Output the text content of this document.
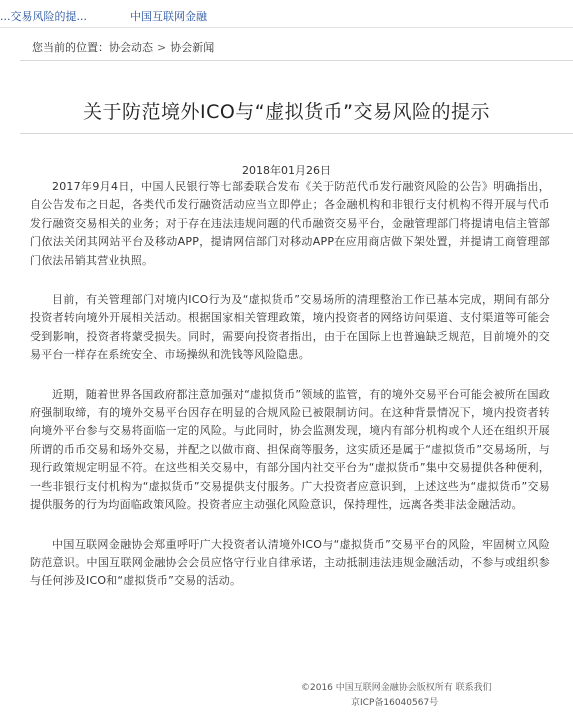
...交易风险的提...	中国互联网金融
您当前的位置：协会动态 > 协会新闻
关于防范境外ICO与“虚拟货币”交易风险的提示
2018年01月26日

2017年9月4日，中国人民银行等七部委联合发布《关于防范代币发行融资风险的公告》明确指出，自公告发布之日起，各类代币发行融资活动应当立即停止；各金融机构和非银行支付机构不得开展与代币发行融资交易相关的业务；对于存在违法违规问题的代币融资交易平台，金融管理部门将提请电信主管部门依法关闭其网站平台及移动APP，提请网信部门对移动APP在应用商店做下架处置，并提请工商管理部门依法吊销其营业执照。

目前，有关管理部门对境内ICO行为及“虚拟货币”交易场所的清理整治工作已基本完成，期间有部分投资者转向境外开展相关活动。根据国家相关管理政策，境内投资者的网络访问渠道、支付渠道等可能会受到影响，投资者将蒙受损失。同时，需要向投资者指出，由于在国际上也普遍缺乏规范，目前境外的交易平台一样存在系统安全、市场操纵和洗钱等风险隐患。

近期，随着世界各国政府都注意加强对“虚拟货币”领域的监管，有的境外交易平台可能会被所在国政府强制取缔，有的境外交易平台因存在明显的合规风险已被限制访问。在这种背景情况下，境内投资者转向境外平台参与交易将面临一定的风险。与此同时，协会监测发现，境内有部分机构或个人还在组织开展所谓的币币交易和场外交易，并配之以做市商、担保商等服务，这实质还是属于“虚拟货币”交易场所，与现行政策规定明显不符。在这些相关交易中，有部分国内社交平台为“虚拟货币”集中交易提供各种便利，一些非银行支付机构为“虚拟货币”交易提供支付服务。广大投资者应意识到，上述这些为“虚拟货币”交易提供服务的行为均面临政策风险。投资者应主动强化风险意识，保持理性，远离各类非法金融活动。

中国互联网金融协会郑重呼吁广大投资者认清境外ICO与“虚拟货币”交易平台的风险，牢固树立风险防范意识。中国互联网金融协会会员应恪守行业自律承诺，主动抵制违法违规金融活动，不参与或组织参与任何涉及ICO和“虚拟货币”交易的活动。

©2016 中国互联网金融协会版权所有 联系我们
京ICP备16040567号
